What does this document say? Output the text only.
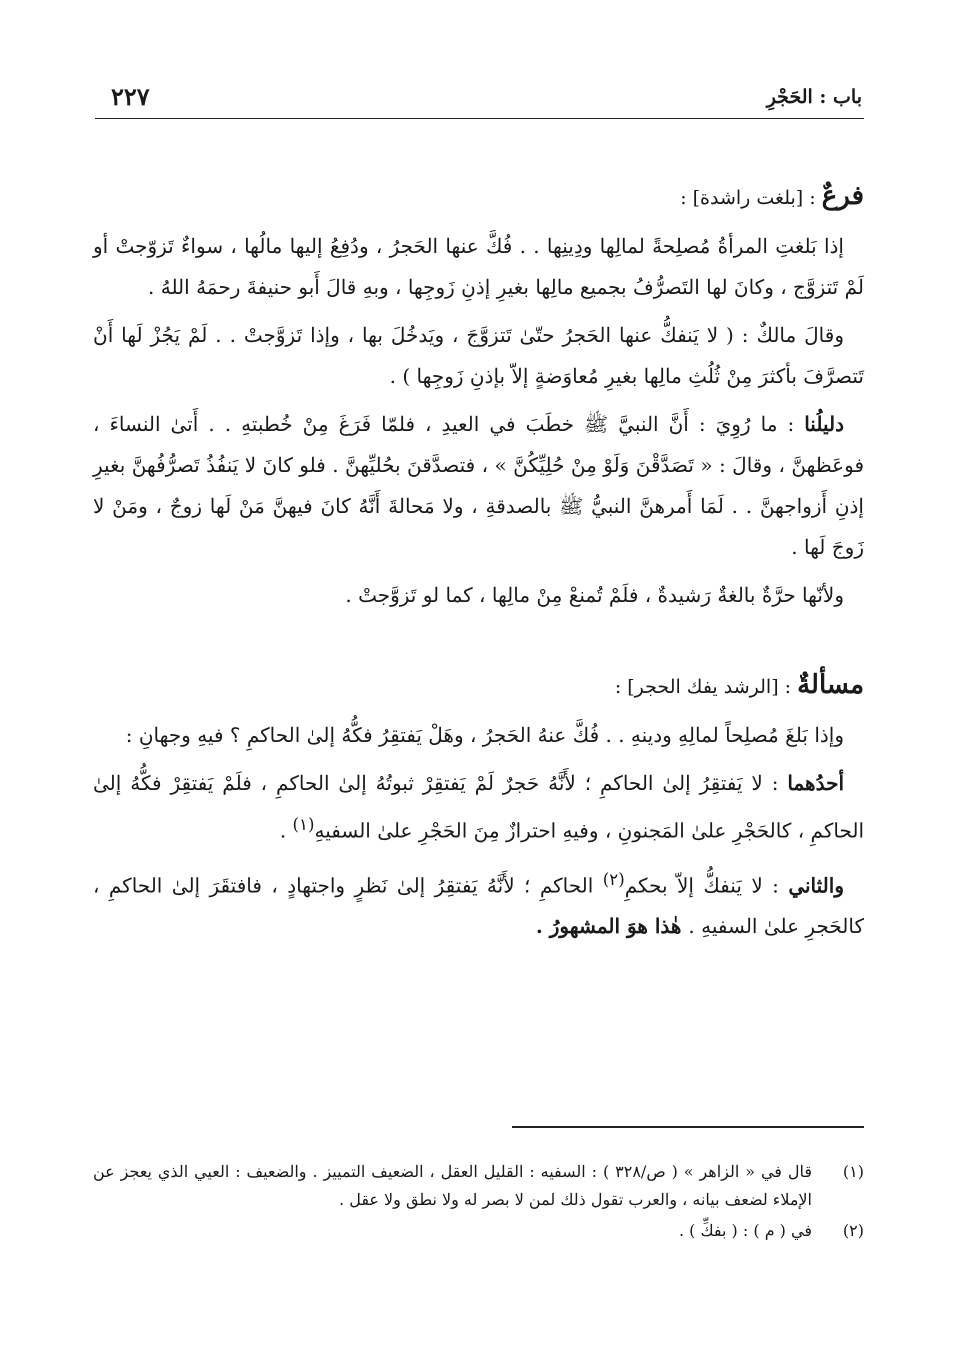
باب : الحَجْرِ
٢٢٧

فرعٌ : [بلغت راشدة] :

إذا بَلغتِ المرأةُ مُصلِحةً لمالِها ودِينِها . . فُكَّ عنها الحَجرُ ، ودُفِعُ إليها مالُها ، سواءٌ تَزوّجتْ أو لَمْ تَتزوَّج ، وكانَ لها التَصرُّفُ بجميع مالِها بغيرِ إذنِ زَوجِها ، وبهِ قالَ أَبو حنيفةَ رحمَهُ اللهُ .

وقالَ مالكٌ : ( لا يَنفكُّ عنها الحَجرُ حتّىٰ تَتزوَّجَ ، ويَدخُلَ بها ، وإذا تَزوَّجتْ . . لَمْ يَجُزْ لَها أَنْ تَتصرَّفَ بأكثرَ مِنْ ثُلُثِ مالِها بغيرِ مُعاوَضةٍ إلاّ بإذنِ زَوجِها ) .

دليلُنا : ما رُوِيَ : أَنَّ النبيَّ ﷺ خطَبَ في العيدِ ، فلمّا فَرَغَ مِنْ خُطبتهِ . . أَتىٰ النساءَ ، فوعَظهنَّ ، وقالَ : « تَصَدَّقْنَ وَلَوْ مِنْ حُلِيِّكُنَّ » ، فتصدَّقنَ بحُليِّهنَّ . فلو كانَ لا يَنفُذُ تَصرُّفُهنَّ بغيرِ إذنِ أَزواجهنَّ . . لَمَا أَمرهنَّ النبيُّ ﷺ بالصدقةِ ، ولا مَحالةَ أَنَّهُ كانَ فيهنَّ مَنْ لَها زوجٌ ، ومَنْ لا زَوجَ لَها .

ولأنّها حرَّةٌ بالغةٌ رَشيدةٌ ، فلَمْ تُمنعْ مِنْ مالِها ، كما لو تَزوَّجتْ .

مسألةٌ : [الرشد يفك الحجر] :

وإذا بَلغَ مُصلِحاً لمالِهِ ودينهِ . . فُكَّ عنهُ الحَجرُ ، وهَلْ يَفتقِرُ فكُّهُ إلىٰ الحاكمِ ؟ فيهِ وجهانِ :

أحدُهما : لا يَفتقِرُ إلىٰ الحاكمِ ؛ لأَنَّهُ حَجرٌ لَمْ يَفتقِرْ ثبوتُهُ إلىٰ الحاكمِ ، فلَمْ يَفتقِرْ فكُّهُ إلىٰ الحاكمِ ، كالحَجْرِ علىٰ المَجنونِ ، وفيهِ احترازٌ مِنَ الحَجْرِ علىٰ السفيهِ$^{(١)}$ .

والثاني : لا يَنفكُّ إلاّ بحكمِ$^{(٢)}$ الحاكمِ ؛ لأَنَّهُ يَفتقِرُ إلىٰ نَظرٍ واجتهادٍ ، فافتقَرَ إلىٰ الحاكمِ ، كالحَجرِ علىٰ السفيهِ . هٰذا هوَ المشهورُ .

(١)
قال في « الزاهر » ( ص/٣٢٨ ) : السفيه : القليل العقل ، الضعيف التمييز . والضعيف : العيي الذي يعجز عن الإملاء لضعف بيانه ، والعرب تقول ذلك لمن لا بصر له ولا نطق ولا عقل .
(٢)
في ( م ) : ( بفكِّ ) .
